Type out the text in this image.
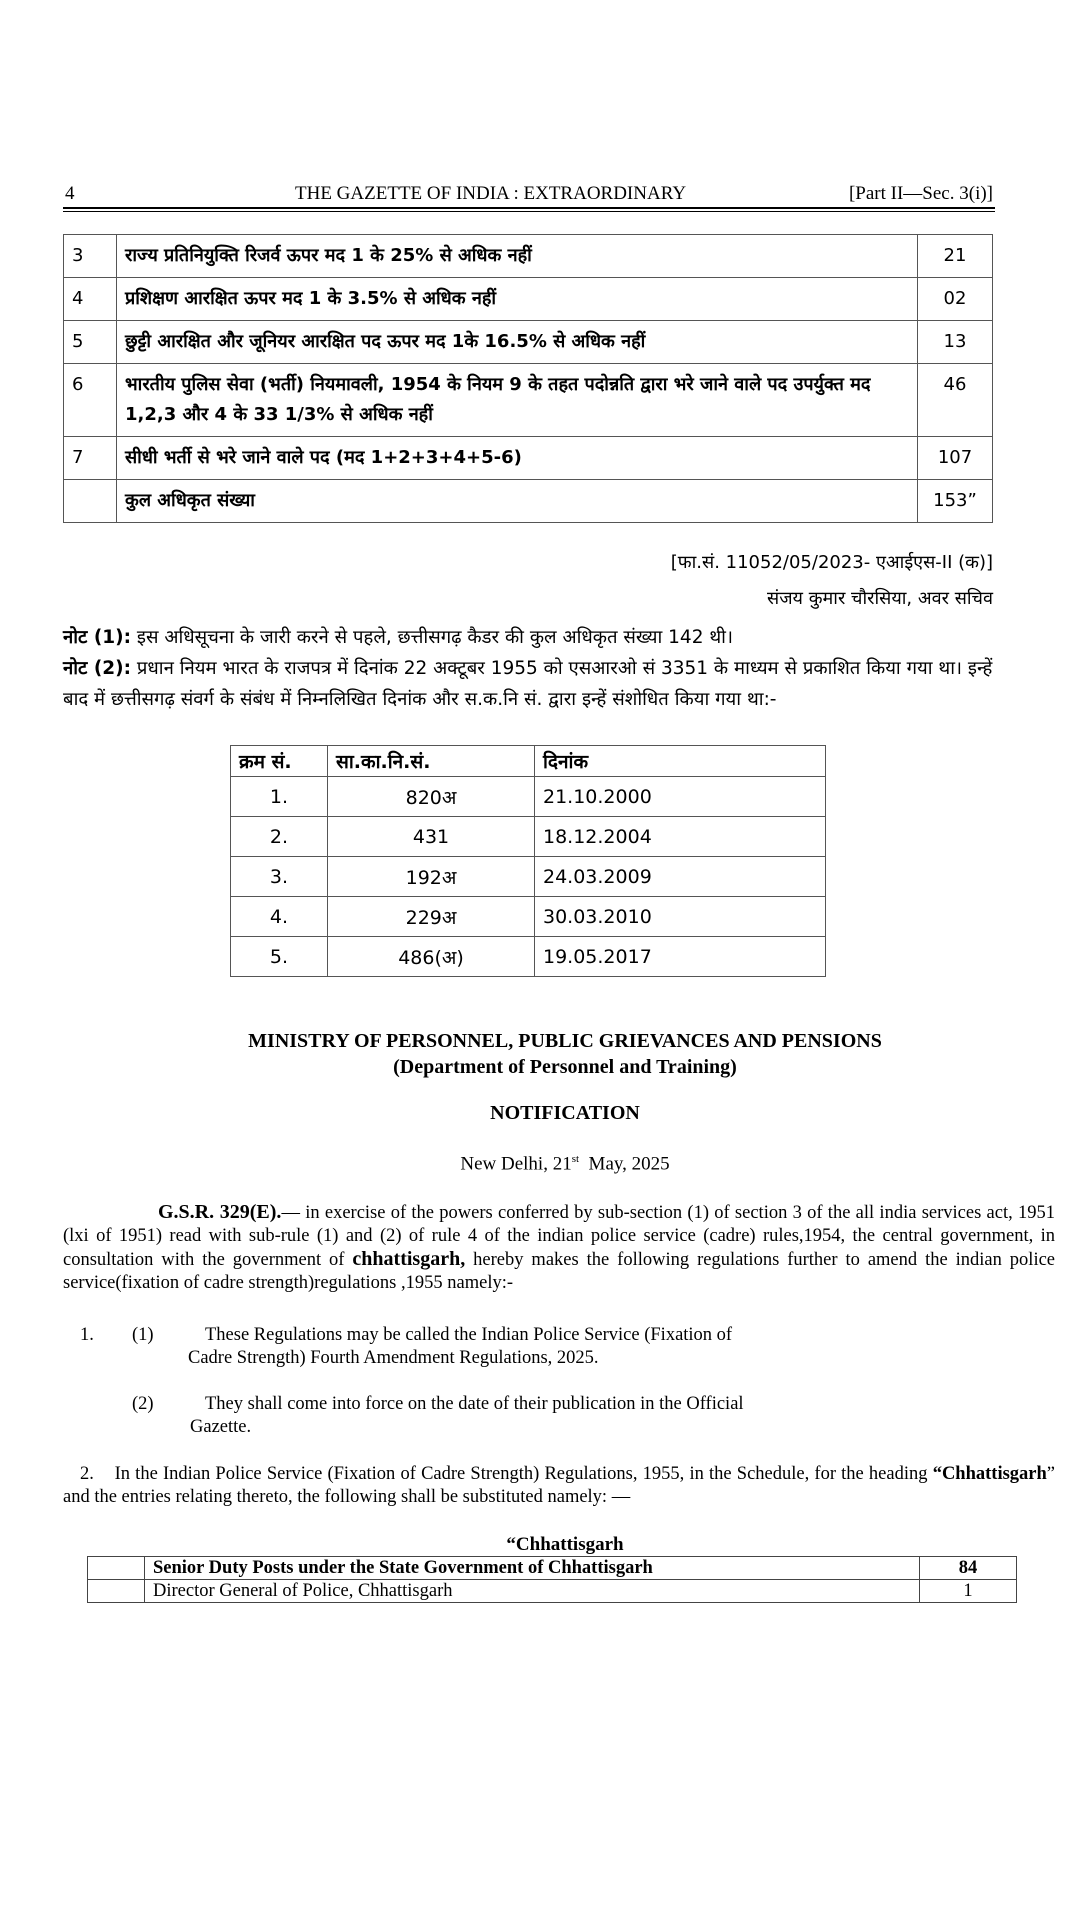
4	THE GAZETTE OF INDIA : EXTRAORDINARY	[Part II—Sec. 3(i)]
3	राज्य प्रतिनियुक्ति रिजर्व ऊपर मद 1 के 25% से अधिक नहीं	21
4	प्रशिक्षण आरक्षित ऊपर मद 1 के 3.5% से अधिक नहीं	02
5	छुट्टी आरक्षित और जूनियर आरक्षित पद ऊपर मद 1के 16.5% से अधिक नहीं	13
6	भारतीय पुलिस सेवा (भर्ती) नियमावली, 1954 के नियम 9 के तहत पदोन्नति द्वारा भरे जाने वाले पद उपर्युक्त मद 1,2,3 और 4 के 33 1/3% से अधिक नहीं	46
7	सीधी भर्ती से भरे जाने वाले पद (मद 1+2+3+4+5-6)	107
	कुल अधिकृत संख्या	153”
[फा.सं. 11052/05/2023- एआईएस-II (क)]
संजय कुमार चौरसिया, अवर सचिव
नोट (1): इस अधिसूचना के जारी करने से पहले, छत्तीसगढ़ कैडर की कुल अधिकृत संख्या 142 थी।
नोट (2): प्रधान नियम भारत के राजपत्र में दिनांक 22 अक्टूबर 1955 को एसआरओ सं 3351 के माध्यम से प्रकाशित किया गया था। इन्हें बाद में छत्तीसगढ़ संवर्ग के संबंध में निम्नलिखित दिनांक और स.क.नि सं. द्वारा इन्हें संशोधित किया गया था:-
क्रम सं.	सा.का.नि.सं.	दिनांक
1.	820अ	21.10.2000
2.	431	18.12.2004
3.	192अ	24.03.2009
4.	229अ	30.03.2010
5.	486(अ)	19.05.2017
MINISTRY OF PERSONNEL, PUBLIC GRIEVANCES AND PENSIONS
(Department of Personnel and Training)
NOTIFICATION
New Delhi, 21st  May, 2025
G.S.R. 329(E).— in exercise of the powers conferred by sub-section (1) of section 3 of the all india services act, 1951 (lxi of 1951) read with sub-rule (1) and (2) of rule 4 of the indian police service (cadre) rules,1954, the central government, in consultation with the government of chhattisgarh, hereby makes the following regulations further to amend the indian police service(fixation of cadre strength)regulations ,1955 namely:-
1. (1)	These Regulations may be called the Indian Police Service (Fixation of
Cadre Strength) Fourth Amendment Regulations, 2025.
(2)	They shall come into force on the date of their publication in the Official
Gazette.
2. In the Indian Police Service (Fixation of Cadre Strength) Regulations, 1955, in the Schedule, for the heading “Chhattisgarh” and the entries relating thereto, the following shall be substituted namely: —
“Chhattisgarh
	Senior Duty Posts under the State Government of Chhattisgarh	84
	Director General of Police, Chhattisgarh	1
